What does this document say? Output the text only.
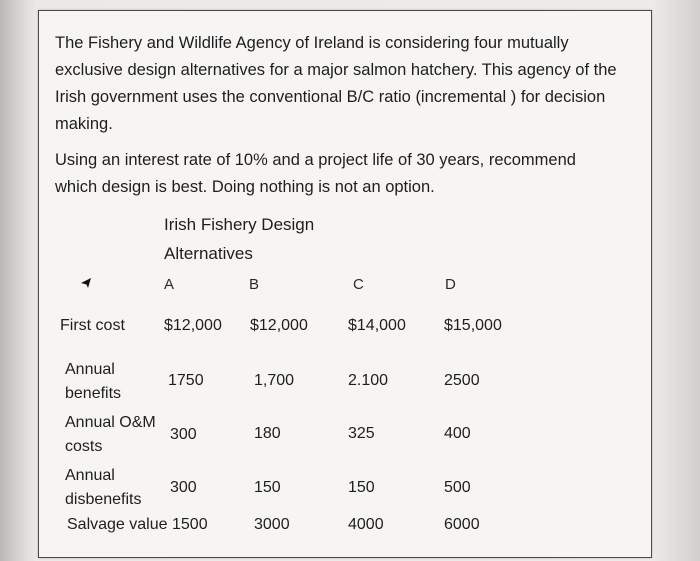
The Fishery and Wildlife Agency of Ireland is considering four mutually
exclusive design alternatives for a major salmon hatchery. This agency of the
Irish government uses the conventional B/C ratio (incremental ) for decision
making.
Using an interest rate of 10% and a project life of 30 years, recommend
which design is best. Doing nothing is not an option.
Irish Fishery Design
Alternatives
A	B	C	D
First cost $12,000 $12,000	$14,000 $15,000
Annual
benefits
1750	1,700	2.100	2500
Annual O&M
costs
300	180	325	400
Annual
disbenefits
300	150	150	500
Salvage value 1500	3000	4000	6000
